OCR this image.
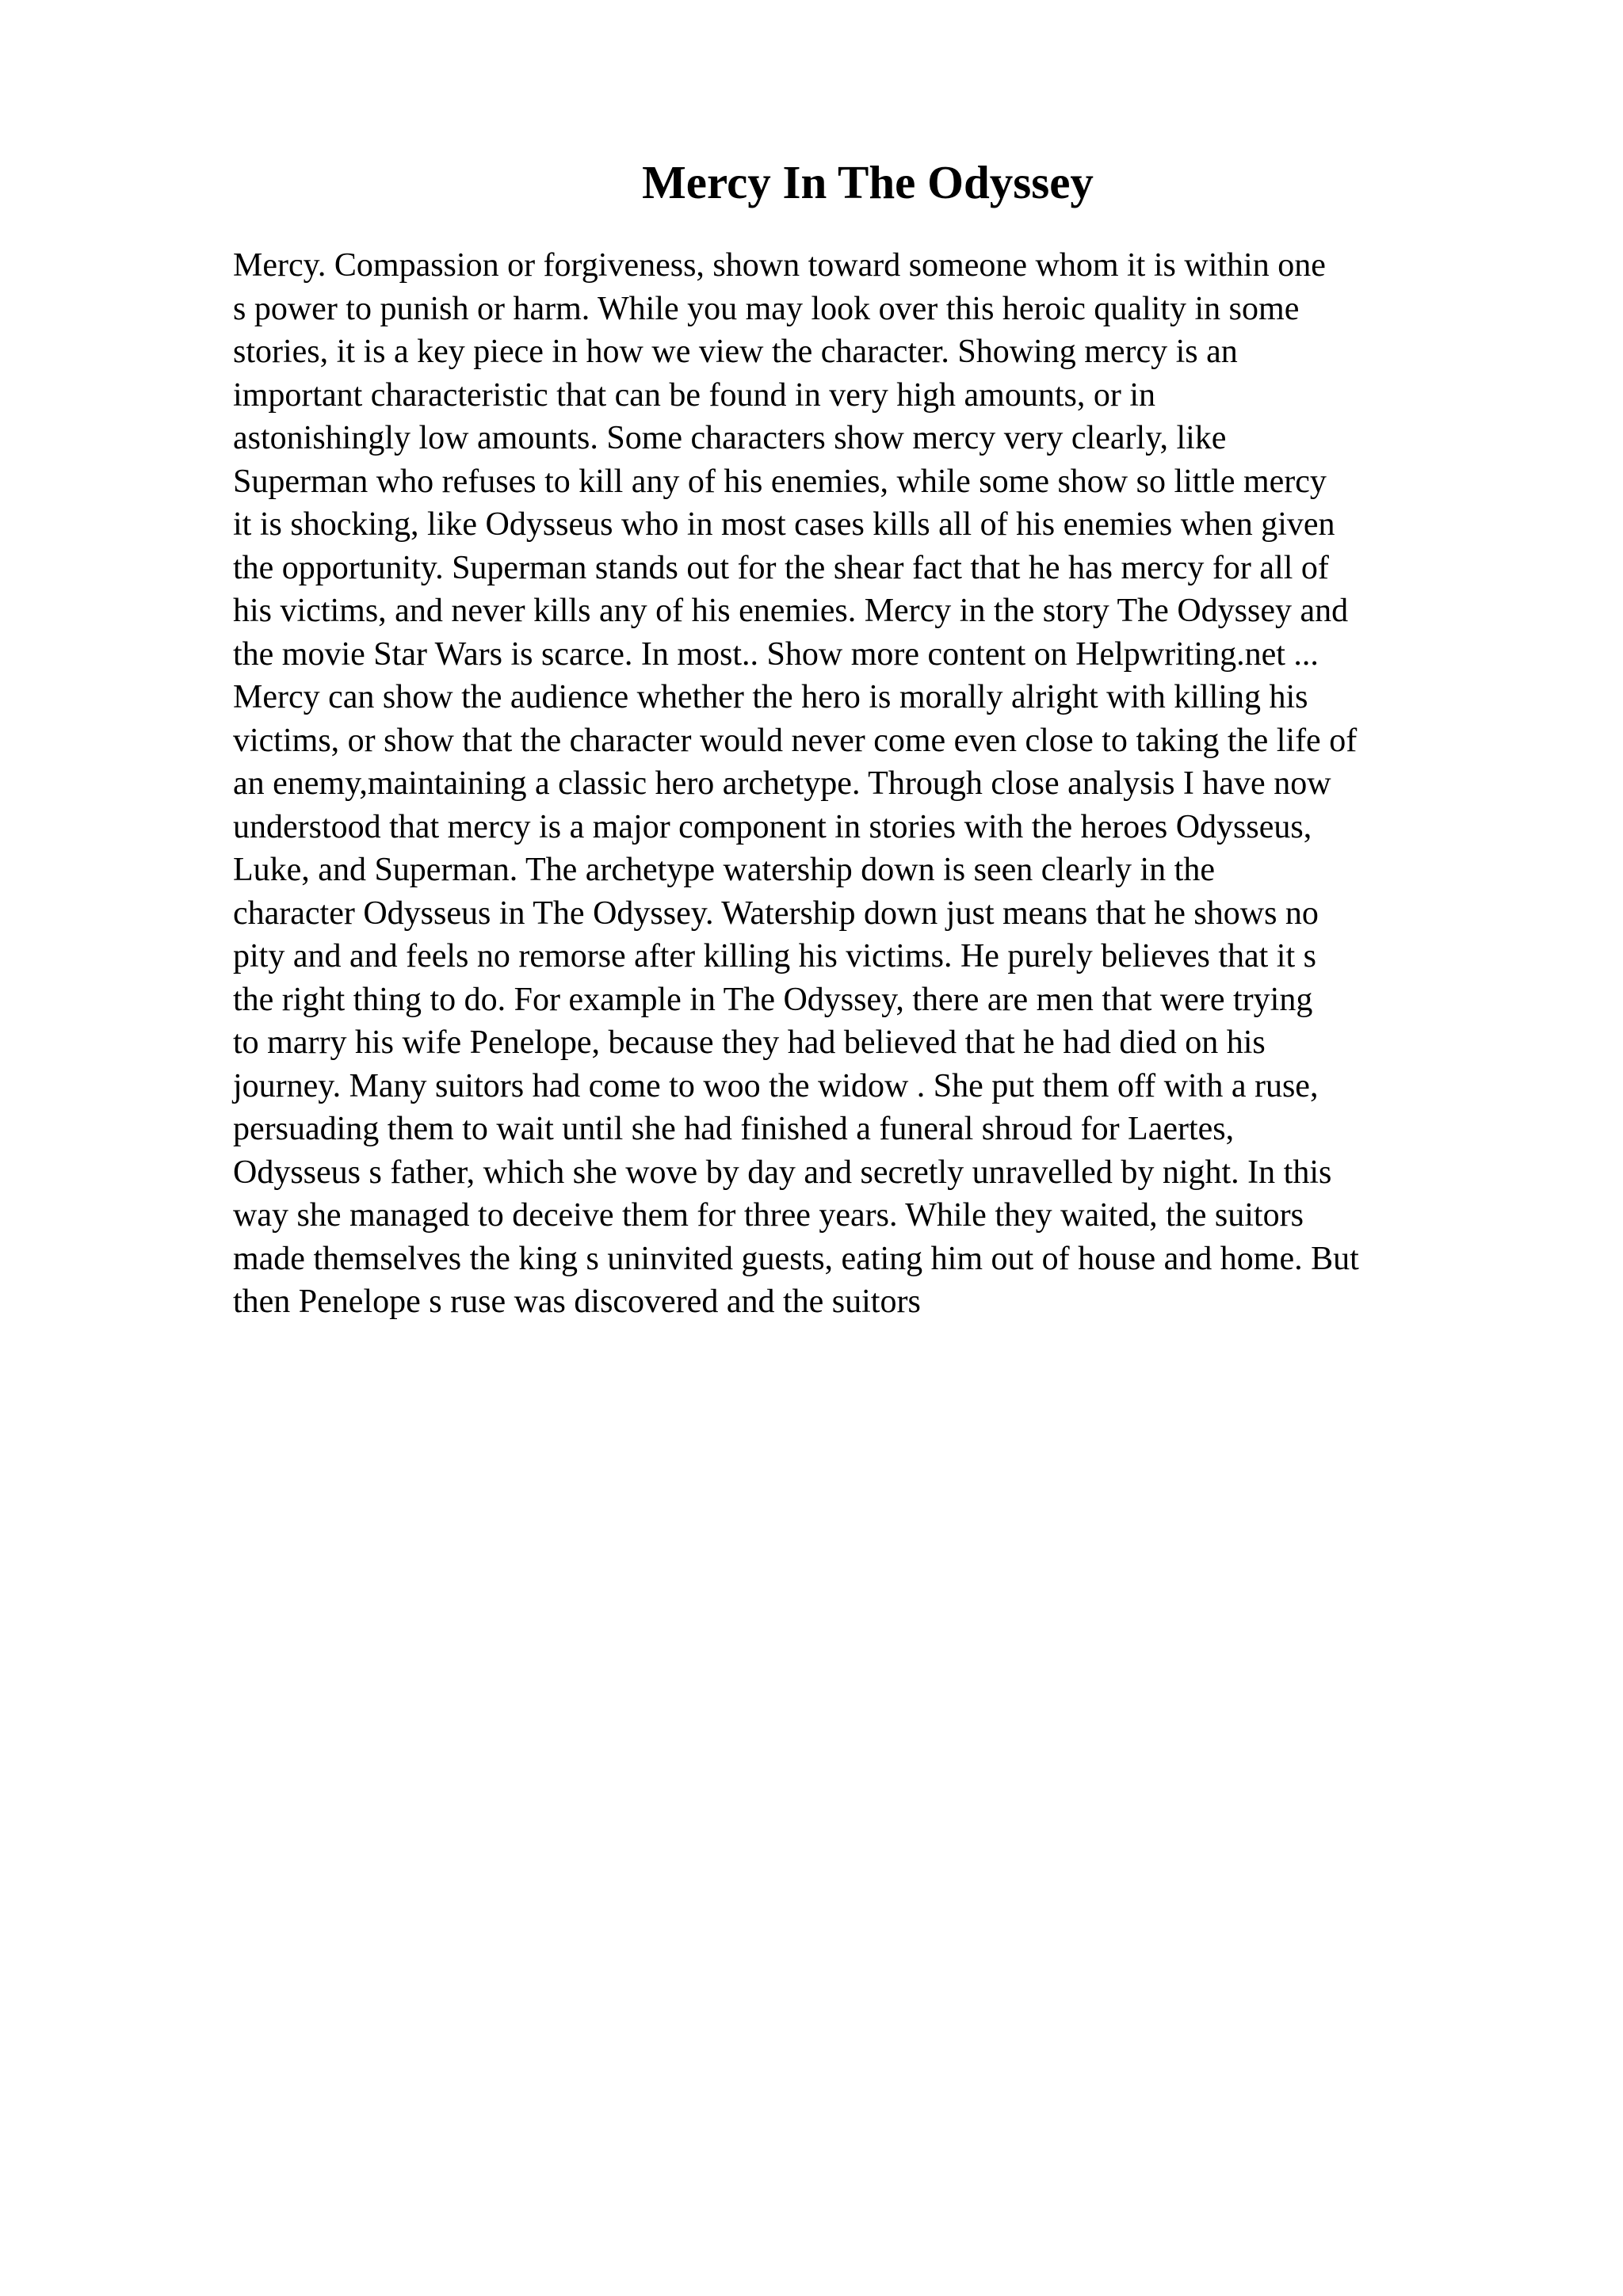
Mercy In The Odyssey
Mercy. Compassion or forgiveness, shown toward someone whom it is within one
s power to punish or harm. While you may look over this heroic quality in some
stories, it is a key piece in how we view the character. Showing mercy is an
important characteristic that can be found in very high amounts, or in
astonishingly low amounts. Some characters show mercy very clearly, like
Superman who refuses to kill any of his enemies, while some show so little mercy
it is shocking, like Odysseus who in most cases kills all of his enemies when given
the opportunity. Superman stands out for the shear fact that he has mercy for all of
his victims, and never kills any of his enemies. Mercy in the story The Odyssey and
the movie Star Wars is scarce. In most.. Show more content on Helpwriting.net ...
Mercy can show the audience whether the hero is morally alright with killing his
victims, or show that the character would never come even close to taking the life of
an enemy,maintaining a classic hero archetype. Through close analysis I have now
understood that mercy is a major component in stories with the heroes Odysseus,
Luke, and Superman. The archetype watership down is seen clearly in the
character Odysseus in The Odyssey. Watership down just means that he shows no
pity and and feels no remorse after killing his victims. He purely believes that it s
the right thing to do. For example in The Odyssey, there are men that were trying
to marry his wife Penelope, because they had believed that he had died on his
journey. Many suitors had come to woo the widow . She put them off with a ruse,
persuading them to wait until she had finished a funeral shroud for Laertes,
Odysseus s father, which she wove by day and secretly unravelled by night. In this
way she managed to deceive them for three years. While they waited, the suitors
made themselves the king s uninvited guests, eating him out of house and home. But
then Penelope s ruse was discovered and the suitors
